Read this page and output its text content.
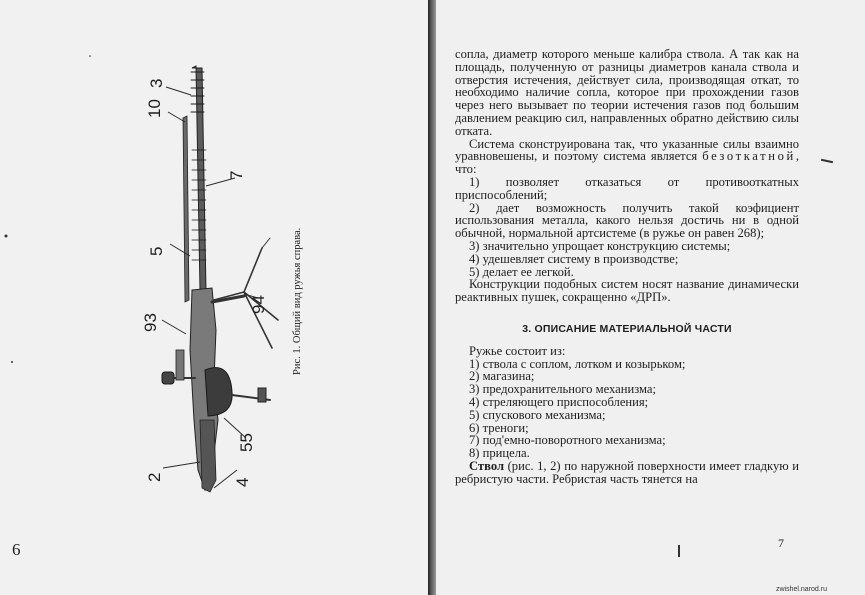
3
10
7
5
93
94
55
2
4
Рис. 1. Общий вид ружья справа.
6

сопла, диаметр которого меньше калибра ствола. А так как на площадь, полученную от разницы диаметров канала ствола и отверстия истечения, действует сила, производящая откат, то необходимо наличие сопла, которое при прохождении газов через него вызывает по теории истечения газов под большим давлением реакцию сил, направленных обратно действию силы отката.

Система сконструирована так, что указанные силы взаимно уравновешены, и поэтому система является безоткатной, что:

1) позволяет отказаться от противооткатных приспособлений;

2) дает возможность получить такой коэфициент использования металла, какого нельзя достичь ни в одной обычной, нормальной артсистеме (в ружье он равен 268);

3) значительно упрощает конструкцию системы;

4) удешевляет систему в производстве;

5) делает ее легкой.

Конструкции подобных систем носят название динамически реактивных пушек, сокращенно «ДРП».

3. ОПИСАНИЕ МАТЕРИАЛЬНОЙ ЧАСТИ

Ружье состоит из:

1) ствола с соплом, лотком и козырьком;

2) магазина;

3) предохранительного механизма;

4) стреляющего приспособления;

5) спускового механизма;

6) треноги;

7) под'емно-поворотного механизма;

8) прицела.

Ствол (рис. 1, 2) по наружной поверхности имеет гладкую и ребристую части. Ребристая часть тянется на

7
zwishel.narod.ru
